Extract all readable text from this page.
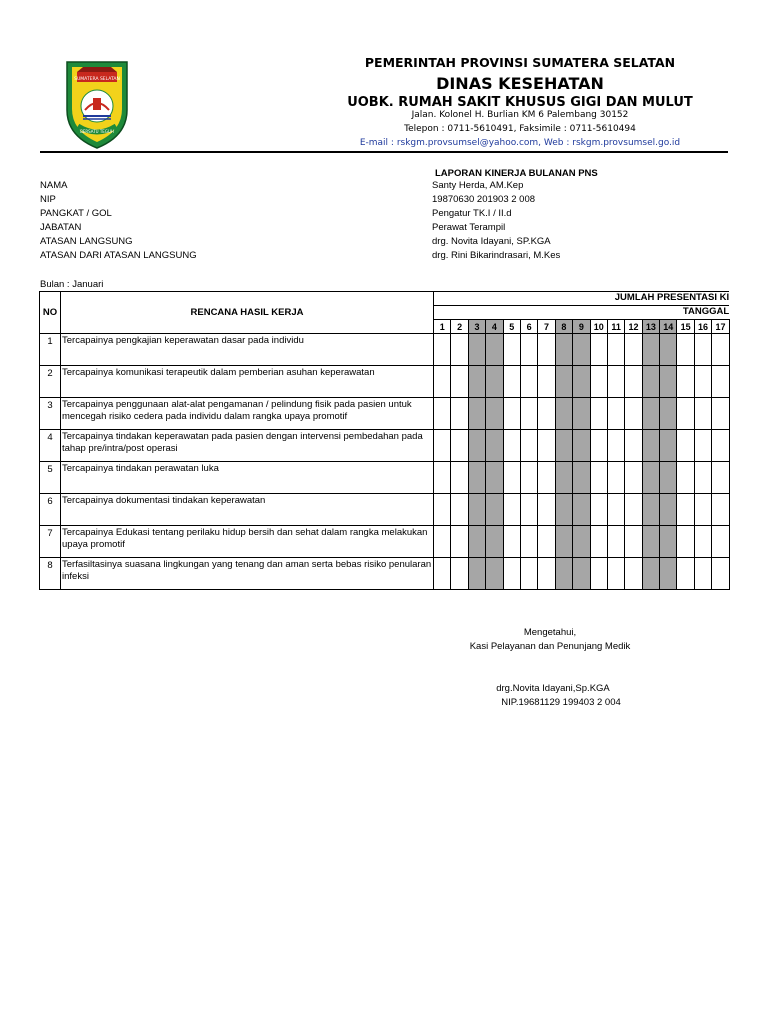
SUMATERA SELATAN
BERSATU TEGUH
PEMERINTAH PROVINSI SUMATERA SELATAN
DINAS KESEHATAN
UOBK. RUMAH SAKIT KHUSUS GIGI DAN MULUT
Jalan. Kolonel H. Burlian KM 6 Palembang 30152
Telepon : 0711-5610491, Faksimile : 0711-5610494
E-mail : rskgm.provsumsel@yahoo.com, Web : rskgm.provsumsel.go.id
LAPORAN KINERJA BULANAN PNS
NAMA	Santy Herda, AM.Kep
NIP	19870630 201903 2 008
PANGKAT / GOL	Pengatur TK.I / II.d
JABATAN	Perawat Terampil
ATASAN LANGSUNG	drg. Novita Idayani, SP.KGA
ATASAN DARI ATASAN LANGSUNG	drg. Rini Bikarindrasari, M.Kes
Bulan : Januari
NO	RENCANA HASIL KERJA	JUMLAH PRESENTASI KI																
		TANGGAL																
		1	2	3	4	5	6	7	8	9	10	11	12	13	14	15	16	17
1	Tercapainya pengkajian keperawatan dasar pada individu																	
2	Tercapainya komunikasi terapeutik dalam pemberian asuhan keperawatan																	
3	Tercapainya penggunaan alat-alat pengamanan / pelindung fisik pada pasien untuk mencegah risiko cedera pada individu dalam rangka upaya promotif																	
4	Tercapainya tindakan keperawatan pada pasien dengan intervensi pembedahan pada tahap pre/intra/post operasi																	
5	Tercapainya tindakan perawatan luka																	
6	Tercapainya dokumentasi tindakan keperawatan																	
7	Tercapainya Edukasi tentang perilaku hidup bersih dan sehat dalam rangka melakukan upaya promotif																	
8	Terfasiltasinya suasana lingkungan yang tenang dan aman serta bebas risiko penularan infeksi																	
Mengetahui,
Kasi Pelayanan dan Penunjang Medik
drg.Novita Idayani,Sp.KGA
NIP.19681129 199403 2 004
